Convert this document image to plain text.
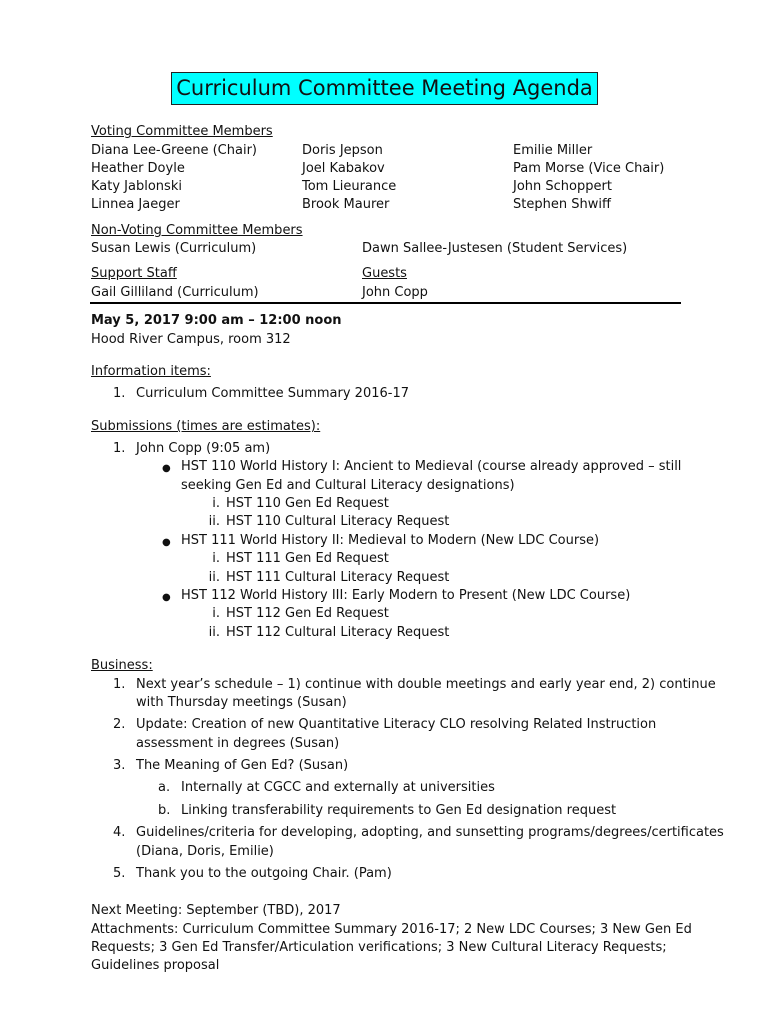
Curriculum Committee Meeting Agenda
Voting Committee Members
Diana Lee-Greene (Chair)
Heather Doyle
Katy Jablonski
Linnea Jaeger
Doris Jepson
Joel Kabakov
Tom Lieurance
Brook Maurer
Emilie Miller
Pam Morse (Vice Chair)
John Schoppert
Stephen Shwiff
Non-Voting Committee Members
Susan Lewis (Curriculum)	Dawn Sallee-Justesen (Student Services)
Support Staff
Gail Gilliland (Curriculum)
Guests
John Copp
May 5, 2017 9:00 am – 12:00 noon
Hood River Campus, room 312
Information items:
1. Curriculum Committee Summary 2016-17
Submissions (times are estimates):
1. John Copp (9:05 am)
● HST 110 World History I: Ancient to Medieval (course already approved – still
seeking Gen Ed and Cultural Literacy designations)
i. HST 110 Gen Ed Request
ii. HST 110 Cultural Literacy Request
● HST 111 World History II: Medieval to Modern (New LDC Course)
i. HST 111 Gen Ed Request
ii. HST 111 Cultural Literacy Request
● HST 112 World History III: Early Modern to Present (New LDC Course)
i. HST 112 Gen Ed Request
ii. HST 112 Cultural Literacy Request
Business:
1. Next year’s schedule – 1) continue with double meetings and early year end, 2) continue
with Thursday meetings (Susan)
2. Update: Creation of new Quantitative Literacy CLO resolving Related Instruction
assessment in degrees (Susan)
3. The Meaning of Gen Ed? (Susan)
a. Internally at CGCC and externally at universities
b. Linking transferability requirements to Gen Ed designation request
4. Guidelines/criteria for developing, adopting, and sunsetting programs/degrees/certificates
(Diana, Doris, Emilie)
5. Thank you to the outgoing Chair. (Pam)
Next Meeting: September (TBD), 2017
Attachments: Curriculum Committee Summary 2016-17; 2 New LDC Courses; 3 New Gen Ed
Requests; 3 Gen Ed Transfer/Articulation verifications; 3 New Cultural Literacy Requests;
Guidelines proposal
